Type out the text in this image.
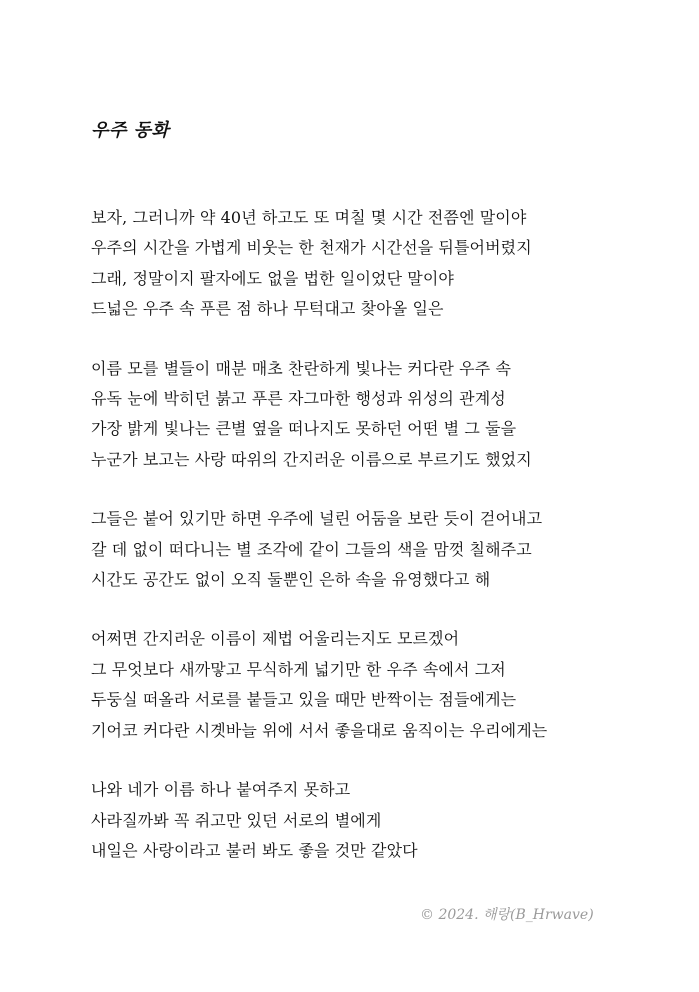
우주 동화
보자, 그러니까 약 40년 하고도 또 며칠 몇 시간 전쯤엔 말이야
우주의 시간을 가볍게 비웃는 한 천재가 시간선을 뒤틀어버렸지
그래, 정말이지 팔자에도 없을 법한 일이었단 말이야
드넓은 우주 속 푸른 점 하나 무턱대고 찾아올 일은
이름 모를 별들이 매분 매초 찬란하게 빛나는 커다란 우주 속
유독 눈에 박히던 붉고 푸른 자그마한 행성과 위성의 관계성
가장 밝게 빛나는 큰별 옆을 떠나지도 못하던 어떤 별 그 둘을
누군가 보고는 사랑 따위의 간지러운 이름으로 부르기도 했었지
그들은 붙어 있기만 하면 우주에 널린 어둠을 보란 듯이 걷어내고
갈 데 없이 떠다니는 별 조각에 같이 그들의 색을 맘껏 칠해주고
시간도 공간도 없이 오직 둘뿐인 은하 속을 유영했다고 해
어쩌면 간지러운 이름이 제법 어울리는지도 모르겠어
그 무엇보다 새까맣고 무식하게 넓기만 한 우주 속에서 그저
두둥실 떠올라 서로를 붙들고 있을 때만 반짝이는 점들에게는
기어코 커다란 시곗바늘 위에 서서 좋을대로 움직이는 우리에게는
나와 네가 이름 하나 붙여주지 못하고
사라질까봐 꼭 쥐고만 있던 서로의 별에게
내일은 사랑이라고 불러 봐도 좋을 것만 같았다
© 2024. 해랑(B_Hrwave)
